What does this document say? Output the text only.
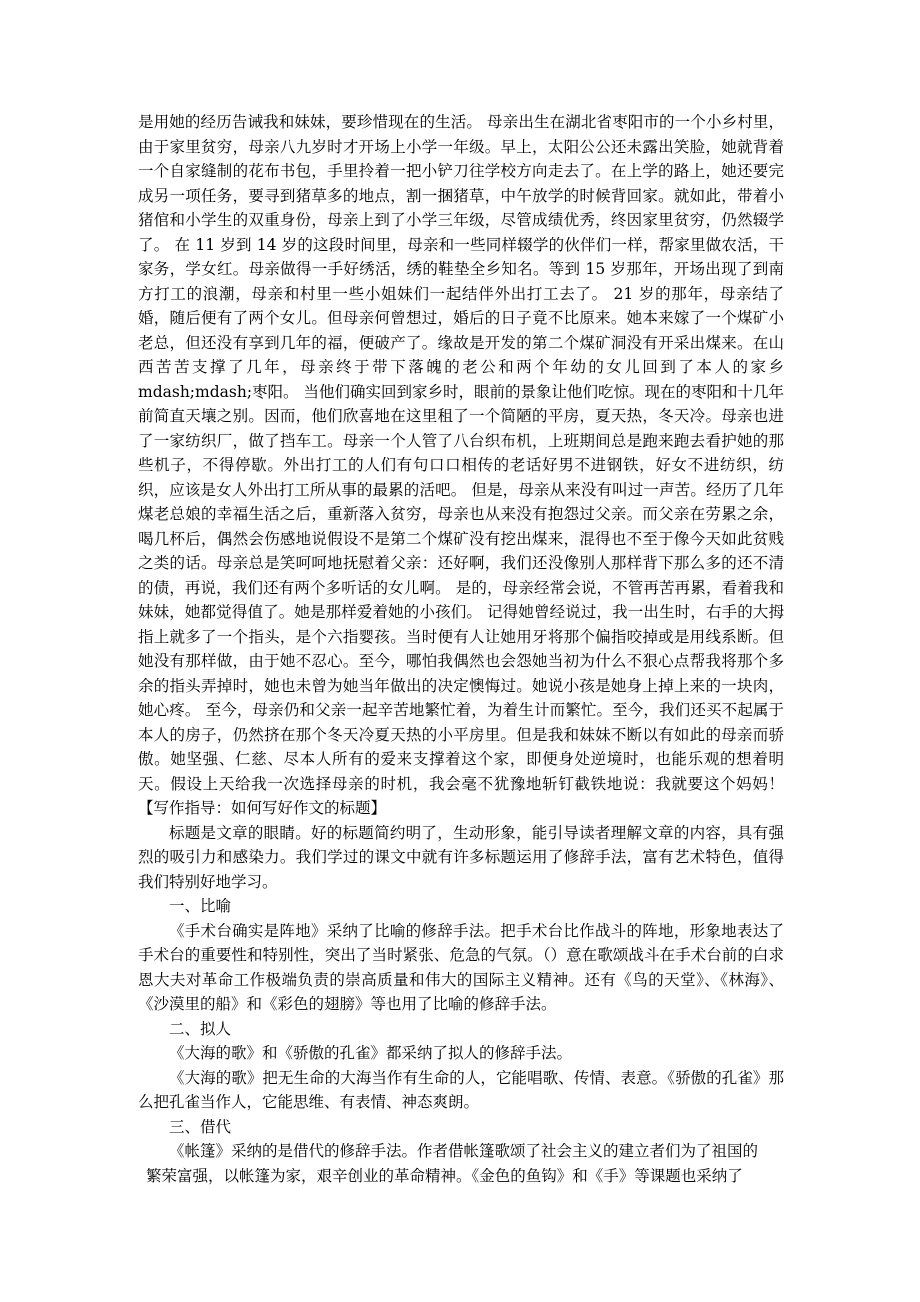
是用她的经历告诫我和妹妹，要珍惜现在的生活。 母亲出生在湖北省枣阳市的一个小乡村里，由于家里贫穷，母亲八九岁时才开场上小学一年级。早上，太阳公公还未露出笑脸，她就背着一个自家缝制的花布书包，手里拎着一把小铲刀往学校方向走去了。在上学的路上，她还要完成另一项任务，要寻到猪草多的地点，割一捆猪草，中午放学的时候背回家。就如此，带着小猪倌和小学生的双重身份，母亲上到了小学三年级，尽管成绩优秀，终因家里贫穷，仍然辍学了。 在 11 岁到 14 岁的这段时间里，母亲和一些同样辍学的伙伴们一样，帮家里做农活，干家务，学女红。母亲做得一手好绣活，绣的鞋垫全乡知名。等到 15 岁那年，开场出现了到南方打工的浪潮，母亲和村里一些小姐妹们一起结伴外出打工去了。 21 岁的那年，母亲结了婚，随后便有了两个女儿。但母亲何曾想过，婚后的日子竟不比原来。她本来嫁了一个煤矿小老总，但还没有享到几年的福，便破产了。缘故是开发的第二个煤矿洞没有开采出煤来。在山西苦苦支撑了几年，母亲终于带下落魄的老公和两个年幼的女儿回到了本人的家乡 mdash;mdash;枣阳。 当他们确实回到家乡时，眼前的景象让他们吃惊。现在的枣阳和十几年前简直天壤之别。因而，他们欣喜地在这里租了一个简陋的平房，夏天热，冬天冷。母亲也进了一家纺织厂，做了挡车工。母亲一个人管了八台织布机，上班期间总是跑来跑去看护她的那些机子，不得停歇。外出打工的人们有句口口相传的老话好男不进钢铁，好女不进纺织，纺织，应该是女人外出打工所从事的最累的活吧。 但是，母亲从来没有叫过一声苦。经历了几年煤老总娘的幸福生活之后，重新落入贫穷，母亲也从来没有抱怨过父亲。而父亲在劳累之余，喝几杯后，偶然会伤感地说假设不是第二个煤矿没有挖出煤来，混得也不至于像今天如此贫贱之类的话。母亲总是笑呵呵地抚慰着父亲：还好啊，我们还没像别人那样背下那么多的还不清的债，再说，我们还有两个多听话的女儿啊。 是的，母亲经常会说，不管再苦再累，看着我和妹妹，她都觉得值了。她是那样爱着她的小孩们。 记得她曾经说过，我一出生时，右手的大拇指上就多了一个指头，是个六指婴孩。当时便有人让她用牙将那个偏指咬掉或是用线系断。但她没有那样做，由于她不忍心。至今，哪怕我偶然也会怨她当初为什么不狠心点帮我将那个多余的指头弄掉时，她也未曾为她当年做出的决定懊悔过。她说小孩是她身上掉上来的一块肉，她心疼。 至今，母亲仍和父亲一起辛苦地繁忙着，为着生计而繁忙。至今，我们还买不起属于本人的房子，仍然挤在那个冬天冷夏天热的小平房里。但是我和妹妹不断以有如此的母亲而骄傲。她坚强、仁慈、尽本人所有的爱来支撑着这个家，即便身处逆境时，也能乐观的想着明天。假设上天给我一次选择母亲的时机，我会毫不犹豫地斩钉截铁地说：我就要这个妈妈！ 【写作指导：如何写好作文的标题】

标题是文章的眼睛。好的标题简约明了，生动形象，能引导读者理解文章的内容，具有强烈的吸引力和感染力。我们学过的课文中就有许多标题运用了修辞手法，富有艺术特色，值得我们特别好地学习。

一、比喻

《手术台确实是阵地》采纳了比喻的修辞手法。把手术台比作战斗的阵地，形象地表达了手术台的重要性和特别性，突出了当时紧张、危急的气氛。（）意在歌颂战斗在手术台前的白求恩大夫对革命工作极端负责的崇高质量和伟大的国际主义精神。还有《鸟的天堂》、《林海》、《沙漠里的船》和《彩色的翅膀》等也用了比喻的修辞手法。

二、拟人

《大海的歌》和《骄傲的孔雀》都采纳了拟人的修辞手法。

《大海的歌》把无生命的大海当作有生命的人，它能唱歌、传情、表意。《骄傲的孔雀》那么把孔雀当作人，它能思维、有表情、神态爽朗。

三、借代

《帐篷》采纳的是借代的修辞手法。作者借帐篷歌颂了社会主义的建立者们为了祖国的

繁荣富强，以帐篷为家，艰辛创业的革命精神。《金色的鱼钩》和《手》等课题也采纳了
